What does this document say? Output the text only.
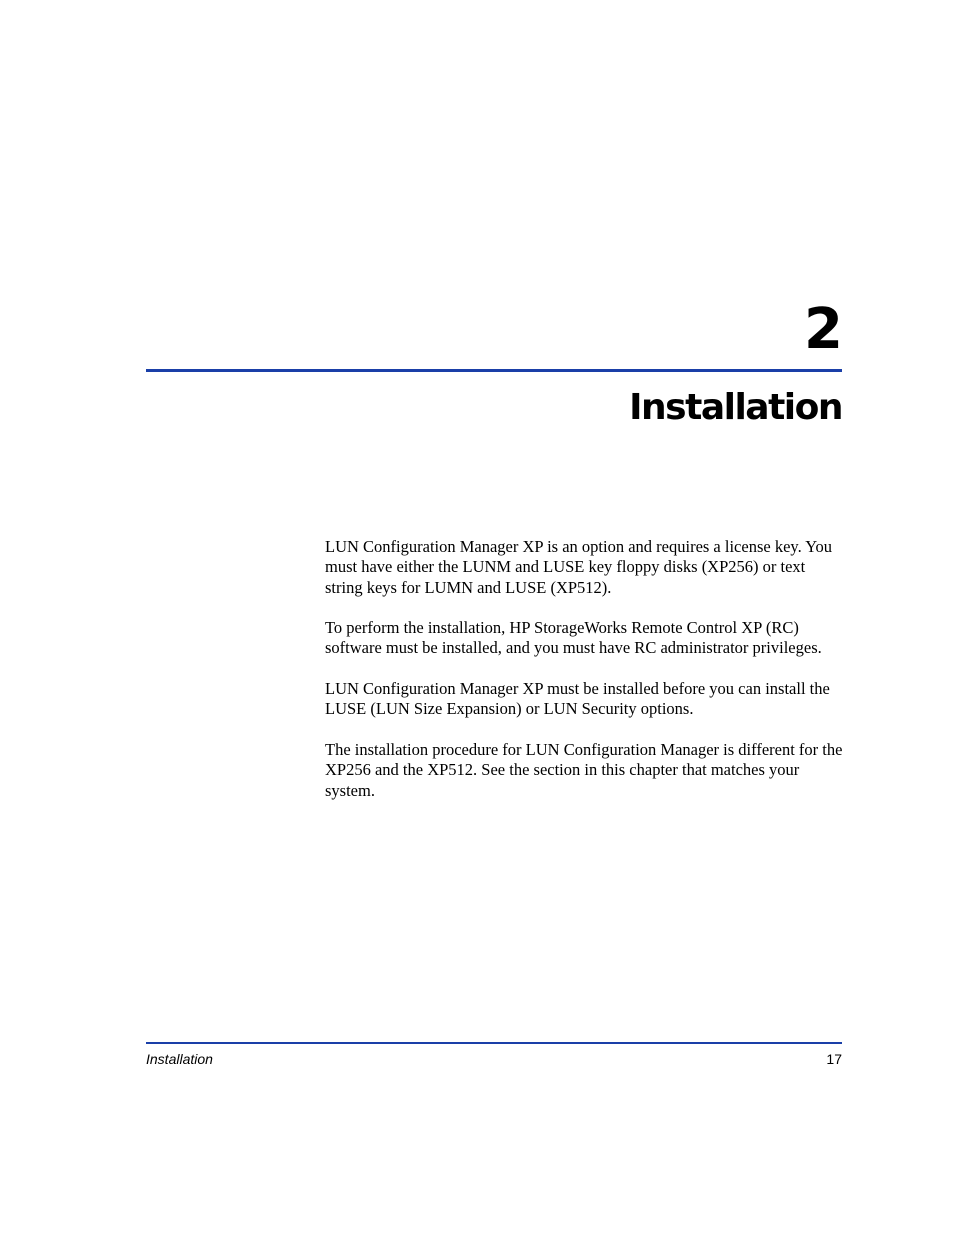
2
Installation

LUN Configuration Manager XP is an option and requires a license key. You must have either the LUNM and LUSE key floppy disks (XP256) or text string keys for LUMN and LUSE (XP512).

To perform the installation, HP StorageWorks Remote Control XP (RC) software must be installed, and you must have RC administrator privileges.

LUN Configuration Manager XP must be installed before you can install the LUSE (LUN Size Expansion) or LUN Security options.

The installation procedure for LUN Configuration Manager is different for the XP256 and the XP512. See the section in this chapter that matches your system.

Installation	17
